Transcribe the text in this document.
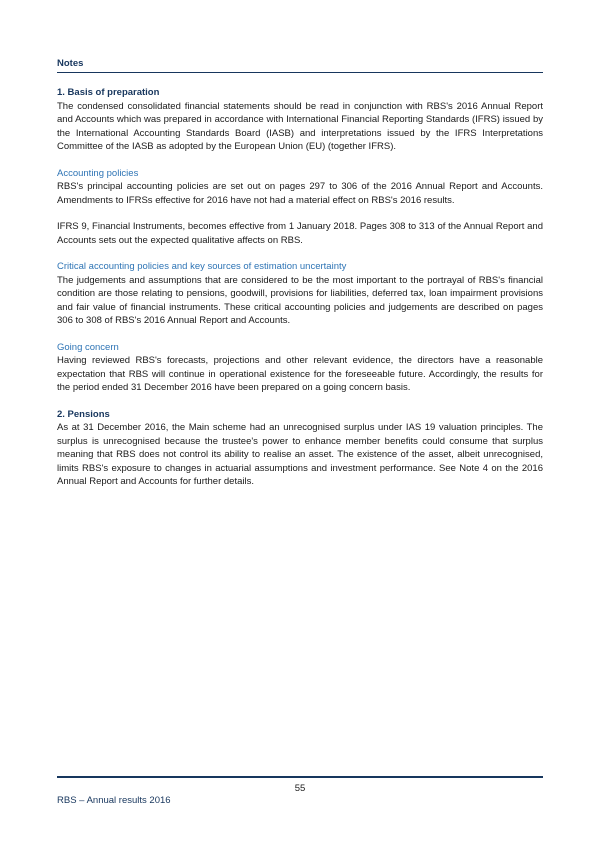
Notes
1. Basis of preparation

The condensed consolidated financial statements should be read in conjunction with RBS's 2016 Annual Report and Accounts which was prepared in accordance with International Financial Reporting Standards (IFRS) issued by the International Accounting Standards Board (IASB) and interpretations issued by the IFRS Interpretations Committee of the IASB as adopted by the European Union (EU) (together IFRS).

Accounting policies

RBS's principal accounting policies are set out on pages 297 to 306 of the 2016 Annual Report and Accounts. Amendments to IFRSs effective for 2016 have not had a material effect on RBS's 2016 results.

IFRS 9, Financial Instruments, becomes effective from 1 January 2018. Pages 308 to 313 of the Annual Report and Accounts sets out the expected qualitative affects on RBS.

Critical accounting policies and key sources of estimation uncertainty

The judgements and assumptions that are considered to be the most important to the portrayal of RBS's financial condition are those relating to pensions, goodwill, provisions for liabilities, deferred tax, loan impairment provisions and fair value of financial instruments. These critical accounting policies and judgements are described on pages 306 to 308 of RBS's 2016 Annual Report and Accounts.

Going concern

Having reviewed RBS's forecasts, projections and other relevant evidence, the directors have a reasonable expectation that RBS will continue in operational existence for the foreseeable future. Accordingly, the results for the period ended 31 December 2016 have been prepared on a going concern basis.

2. Pensions

As at 31 December 2016, the Main scheme had an unrecognised surplus under IAS 19 valuation principles. The surplus is unrecognised because the trustee's power to enhance member benefits could consume that surplus meaning that RBS does not control its ability to realise an asset. The existence of the asset, albeit unrecognised, limits RBS's exposure to changes in actuarial assumptions and investment performance. See Note 4 on the 2016 Annual Report and Accounts for further details.

55
RBS – Annual results 2016
